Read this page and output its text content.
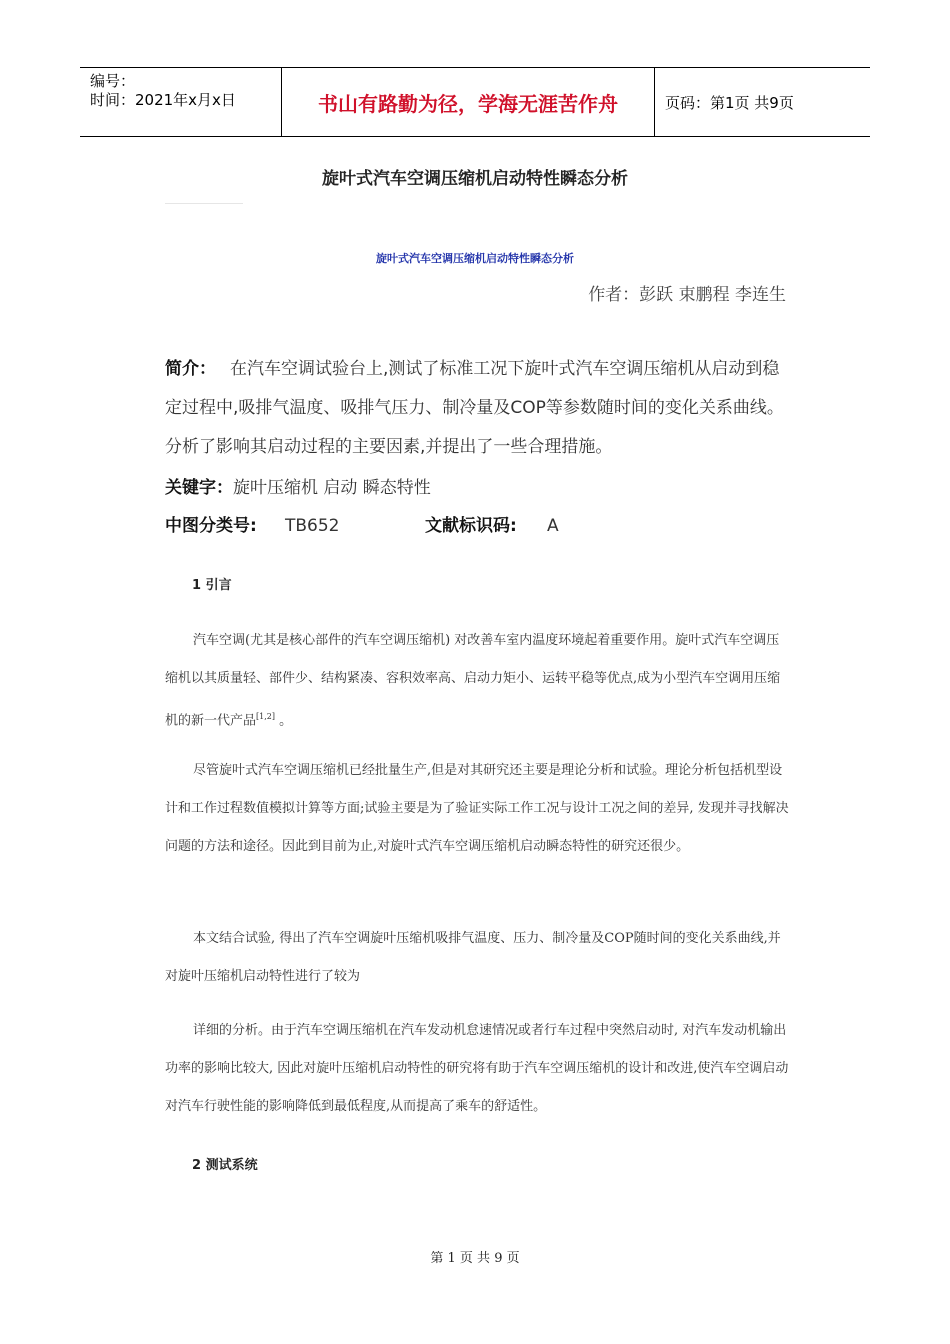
编号：
时间：2021年x月x日	书山有路勤为径，学海无涯苦作舟	页码：第1页 共9页
旋叶式汽车空调压缩机启动特性瞬态分析
旋叶式汽车空调压缩机启动特性瞬态分析
作者：彭跃 束鹏程 李连生
简介： 在汽车空调试验台上,测试了标准工况下旋叶式汽车空调压缩机从启动到稳定过程中,吸排气温度、吸排气压力、制冷量及COP等参数随时间的变化关系曲线。分析了影响其启动过程的主要因素,并提出了一些合理措施。
关键字：旋叶压缩机 启动 瞬态特性
中图分类号: TB652	文献标识码: A
1 引言
汽车空调(尤其是核心部件的汽车空调压缩机) 对改善车室内温度环境起着重要作用。旋叶式汽车空调压缩机以其质量轻、部件少、结构紧凑、容积效率高、启动力矩小、运转平稳等优点,成为小型汽车空调用压缩机的新一代产品[1,2] 。
尽管旋叶式汽车空调压缩机已经批量生产,但是对其研究还主要是理论分析和试验。理论分析包括机型设计和工作过程数值模拟计算等方面;试验主要是为了验证实际工作工况与设计工况之间的差异, 发现并寻找解决问题的方法和途径。因此到目前为止,对旋叶式汽车空调压缩机启动瞬态特性的研究还很少。
本文结合试验, 得出了汽车空调旋叶压缩机吸排气温度、压力、制冷量及COP随时间的变化关系曲线,并对旋叶压缩机启动特性进行了较为
详细的分析。由于汽车空调压缩机在汽车发动机怠速情况或者行车过程中突然启动时, 对汽车发动机输出功率的影响比较大, 因此对旋叶压缩机启动特性的研究将有助于汽车空调压缩机的设计和改进,使汽车空调启动对汽车行驶性能的影响降低到最低程度,从而提高了乘车的舒适性。
2 测试系统
第 1 页 共 9 页
